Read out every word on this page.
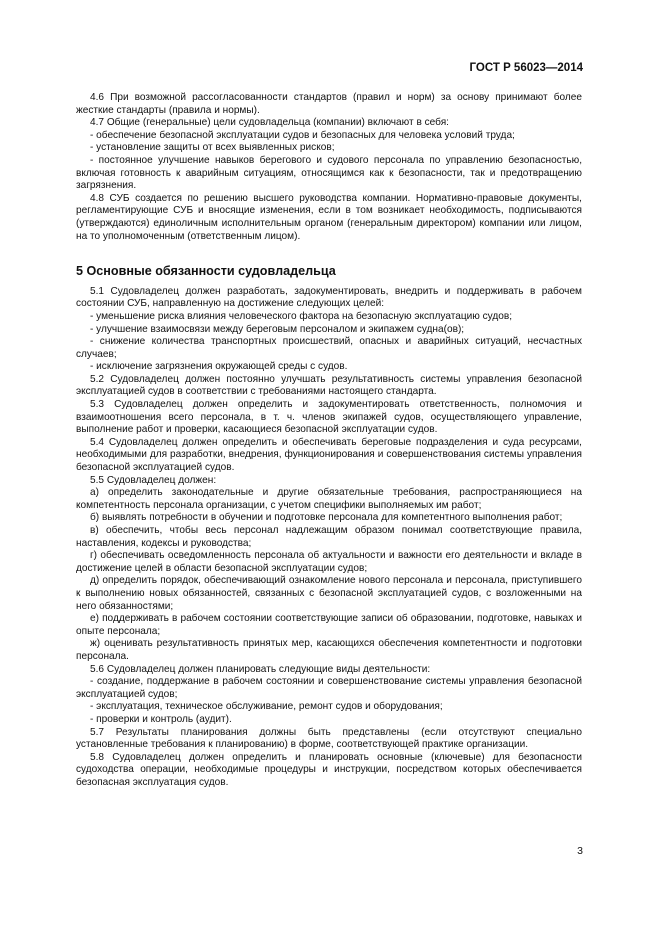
ГОСТ Р 56023—2014

4.6 При возможной рассогласованности стандартов (правил и норм) за основу принимают более жесткие стандарты (правила и нормы).

4.7 Общие (генеральные) цели судовладельца (компании) включают в себя:

- обеспечение безопасной эксплуатации судов и безопасных для человека условий труда;

- установление защиты от всех выявленных рисков;

- постоянное улучшение навыков берегового и судового персонала по управлению безопасностью, включая готовность к аварийным ситуациям, относящимся как к безопасности, так и предотвращению загрязнения.

4.8 СУБ создается по решению высшего руководства компании. Нормативно-правовые документы, регламентирующие СУБ и вносящие изменения, если в том возникает необходимость, подписываются (утверждаются) единоличным исполнительным органом (генеральным директором) компании или лицом, на то уполномоченным (ответственным лицом).

5 Основные обязанности судовладельца

5.1 Судовладелец должен разработать, задокументировать, внедрить и поддерживать в рабочем состоянии СУБ, направленную на достижение следующих целей:

- уменьшение риска влияния человеческого фактора на безопасную эксплуатацию судов;

- улучшение взаимосвязи между береговым персоналом и экипажем судна(ов);

- снижение количества транспортных происшествий, опасных и аварийных ситуаций, несчастных случаев;

- исключение загрязнения окружающей среды с судов.

5.2 Судовладелец должен постоянно улучшать результативность системы управления безопасной эксплуатацией судов в соответствии с требованиями настоящего стандарта.

5.3 Судовладелец должен определить и задокументировать ответственность, полномочия и взаимоотношения всего персонала, в т. ч. членов экипажей судов, осуществляющего управление, выполнение работ и проверки, касающиеся безопасной эксплуатации судов.

5.4 Судовладелец должен определить и обеспечивать береговые подразделения и суда ресурсами, необходимыми для разработки, внедрения, функционирования и совершенствования системы управления безопасной эксплуатацией судов.

5.5 Судовладелец должен:

а) определить законодательные и другие обязательные требования, распространяющиеся на компетентность персонала организации, с учетом специфики выполняемых им работ;

б) выявлять потребности в обучении и подготовке персонала для компетентного выполнения работ;

в) обеспечить, чтобы весь персонал надлежащим образом понимал соответствующие правила, наставления, кодексы и руководства;

г) обеспечивать осведомленность персонала об актуальности и важности его деятельности и вкладе в достижение целей в области безопасной эксплуатации судов;

д) определить порядок, обеспечивающий ознакомление нового персонала и персонала, приступившего к выполнению новых обязанностей, связанных с безопасной эксплуатацией судов, с возложенными на него обязанностями;

е) поддерживать в рабочем состоянии соответствующие записи об образовании, подготовке, навыках и опыте персонала;

ж) оценивать результативность принятых мер, касающихся обеспечения компетентности и подготовки персонала.

5.6 Судовладелец должен планировать следующие виды деятельности:

- создание, поддержание в рабочем состоянии и совершенствование системы управления безопасной эксплуатацией судов;

- эксплуатация, техническое обслуживание, ремонт судов и оборудования;

- проверки и контроль (аудит).

5.7 Результаты планирования должны быть представлены (если отсутствуют специально установленные требования к планированию) в форме, соответствующей практике организации.

5.8 Судовладелец должен определить и планировать основные (ключевые) для безопасности судоходства операции, необходимые процедуры и инструкции, посредством которых обеспечивается безопасная эксплуатация судов.

3
